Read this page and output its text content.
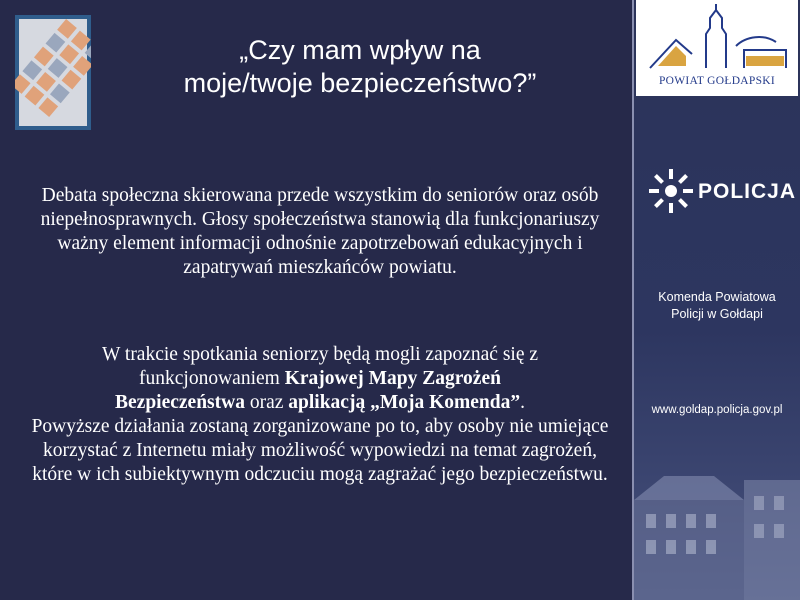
„Czy mam wpływ na
moje/twoje bezpieczeństwo?”
Debata społeczna skierowana przede wszystkim do seniorów oraz osób niepełnosprawnych. Głosy społeczeństwa stanowią dla funkcjonariuszy ważny element informacji odnośnie zapotrzebowań edukacyjnych i zapatrywań mieszkańców powiatu.
W trakcie spotkania seniorzy będą mogli zapoznać się z
funkcjonowaniem Krajowej Mapy Zagrożeń
Bezpieczeństwa oraz aplikacją „Moja Komenda”.
Powyższe działania zostaną zorganizowane po to, aby osoby nie umiejące korzystać z Internetu miały możliwość wypowiedzi na temat zagrożeń, które w ich subiektywnym odczuciu mogą zagrażać jego bezpieczeństwu.
POWIAT GOŁDAPSKI
POLICJA
Komenda Powiatowa
Policji w Gołdapi
www.goldap.policja.gov.pl
